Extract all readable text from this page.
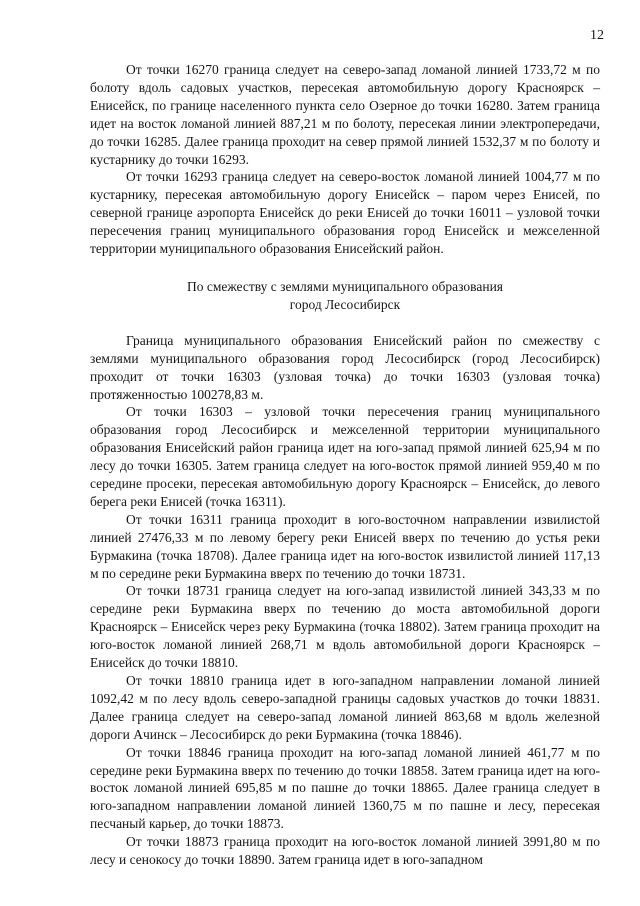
12

От точки 16270 граница следует на северо-запад ломаной линией 1733,72 м по болоту вдоль садовых участков, пересекая автомобильную дорогу Красноярск – Енисейск, по границе населенного пункта село Озерное до точки 16280. Затем граница идет на восток ломаной линией 887,21 м по болоту, пересекая линии электропередачи, до точки 16285. Далее граница проходит на север прямой линией 1532,37 м по болоту и кустарнику до точки 16293.

От точки 16293 граница следует на северо-восток ломаной линией 1004,77 м по кустарнику, пересекая автомобильную дорогу Енисейск – паром через Енисей, по северной границе аэропорта Енисейск до реки Енисей до точки 16011 – узловой точки пересечения границ муниципального образования город Енисейск и межселенной территории муниципального образования Енисейский район.

По смежеству с землями муниципального образования
город Лесосибирск

Граница муниципального образования Енисейский район по смежеству с землями муниципального образования город Лесосибирск (город Лесосибирск) проходит от точки 16303 (узловая точка) до точки 16303 (узловая точка) протяженностью 100278,83 м.

От точки 16303 – узловой точки пересечения границ муниципального образования город Лесосибирск и межселенной территории муниципального образования Енисейский район граница идет на юго-запад прямой линией 625,94 м по лесу до точки 16305. Затем граница следует на юго-восток прямой линией 959,40 м по середине просеки, пересекая автомобильную дорогу Красноярск – Енисейск, до левого берега реки Енисей (точка 16311).

От точки 16311 граница проходит в юго-восточном направлении извилистой линией 27476,33 м по левому берегу реки Енисей вверх по течению до устья реки Бурмакина (точка 18708). Далее граница идет на юго-восток извилистой линией 117,13 м по середине реки Бурмакина вверх по течению до точки 18731.

От точки 18731 граница следует на юго-запад извилистой линией 343,33 м по середине реки Бурмакина вверх по течению до моста автомобильной дороги Красноярск – Енисейск через реку Бурмакина (точка 18802). Затем граница проходит на юго-восток ломаной линией 268,71 м вдоль автомобильной дороги Красноярск – Енисейск до точки 18810.

От точки 18810 граница идет в юго-западном направлении ломаной линией 1092,42 м по лесу вдоль северо-западной границы садовых участков до точки 18831. Далее граница следует на северо-запад ломаной линией 863,68 м вдоль железной дороги Ачинск – Лесосибирск до реки Бурмакина (точка 18846).

От точки 18846 граница проходит на юго-запад ломаной линией 461,77 м по середине реки Бурмакина вверх по течению до точки 18858. Затем граница идет на юго-восток ломаной линией 695,85 м по пашне до точки 18865. Далее граница следует в юго-западном направлении ломаной линией 1360,75 м по пашне и лесу, пересекая песчаный карьер, до точки 18873.

От точки 18873 граница проходит на юго-восток ломаной линией 3991,80 м по лесу и сенокосу до точки 18890. Затем граница идет в юго-западном
